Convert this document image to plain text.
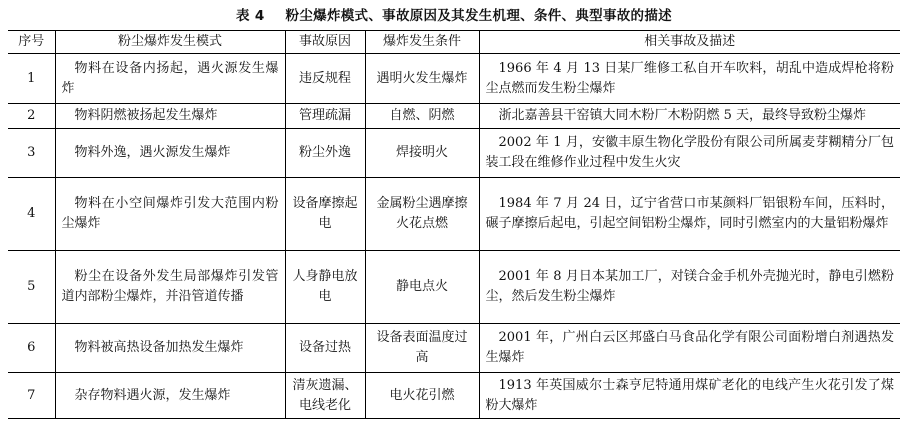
表 4 粉尘爆炸模式、事故原因及其发生机理、条件、典型事故的描述
序号	粉尘爆炸发生模式	事故原因	爆炸发生条件	相关事故及描述
1	物料在设备内扬起，遇火源发生爆炸	违反规程	遇明火发生爆炸	1966 年 4 月 13 日某厂维修工私自开车吹料，胡乱中造成焊枪将粉尘点燃而发生粉尘爆炸
2	物料阴燃被扬起发生爆炸	管理疏漏	自燃、阴燃	浙北嘉善县干窑镇大同木粉厂木粉阴燃 5 天，最终导致粉尘爆炸
3	物料外逸，遇火源发生爆炸	粉尘外逸	焊接明火	2002 年 1 月，安徽丰原生物化学股份有限公司所属麦芽糊精分厂包装工段在维修作业过程中发生火灾
4	物料在小空间爆炸引发大范围内粉尘爆炸	设备摩擦起电	金属粉尘遇摩擦火花点燃	1984 年 7 月 24 日，辽宁省营口市某颜料厂铝银粉车间，压料时，碾子摩擦后起电，引起空间铝粉尘爆炸，同时引燃室内的大量铝粉爆炸
5	粉尘在设备外发生局部爆炸引发管道内部粉尘爆炸，并沿管道传播	人身静电放电	静电点火	2001 年 8 月日本某加工厂，对镁合金手机外壳抛光时，静电引燃粉尘，然后发生粉尘爆炸
6	物料被高热设备加热发生爆炸	设备过热	设备表面温度过高	2001 年，广州白云区邦盛白马食品化学有限公司面粉增白剂遇热发生爆炸
7	杂存物料遇火源，发生爆炸	清灰遗漏、电线老化	电火花引燃	1913 年英国威尔士森亨尼特通用煤矿老化的电线产生火花引发了煤粉大爆炸
